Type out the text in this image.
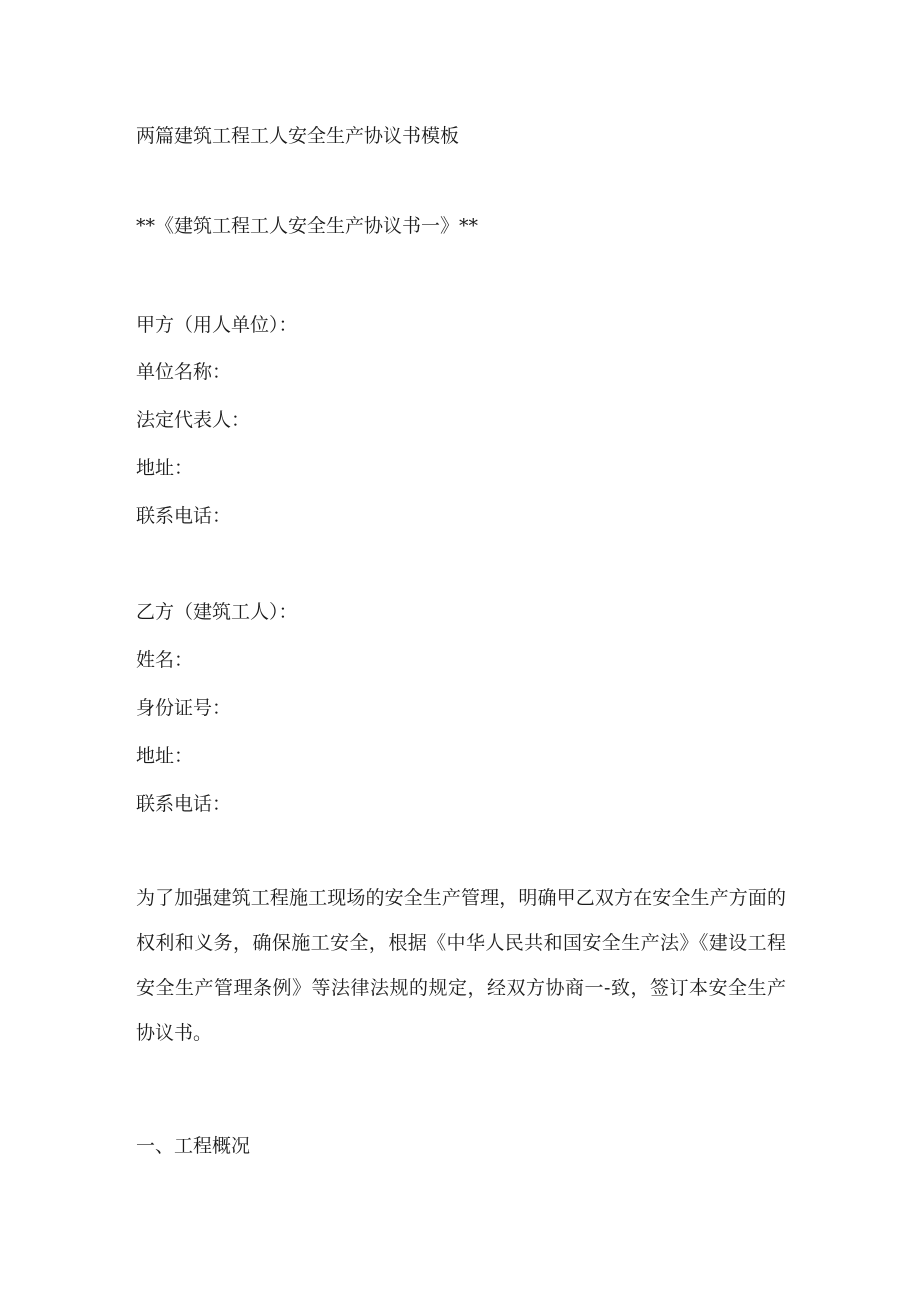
两篇建筑工程工人安全生产协议书模板
**《建筑工程工人安全生产协议书一》**

甲方（用人单位）：

单位名称：

法定代表人：

地址：

联系电话：

乙方（建筑工人）：

姓名：

身份证号：

地址：

联系电话：

为了加强建筑工程施工现场的安全生产管理，明确甲乙双方在安全生产方面的权利和义务，确保施工安全，根据《中华人民共和国安全生产法》《建设工程安全生产管理条例》等法律法规的规定，经双方协商一-致，签订本安全生产协议书。

一、工程概况
